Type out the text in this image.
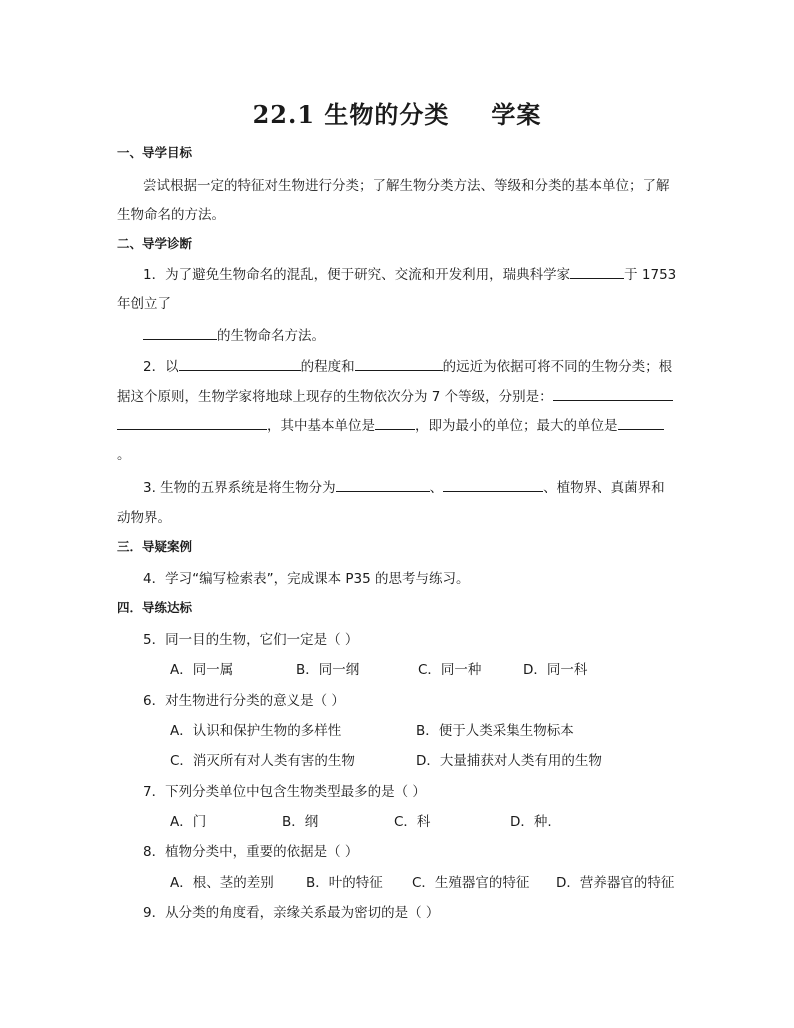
22.1 生物的分类 学案
一、导学目标
尝试根据一定的特征对生物进行分类；了解生物分类方法、等级和分类的基本单位；了解
生物命名的方法。
二、导学诊断
1．为了避免生物命名的混乱，便于研究、交流和开发利用，瑞典科学家	于 1753
年创立了
的生物命名方法。
2．以	的程度和	的远近为依据可将不同的生物分类；根
据这个原则，生物学家将地球上现存的生物依次分为 7 个等级，分别是：
，其中基本单位是	，即为最小的单位；最大的单位是
。
3. 生物的五界系统是将生物分为	、	、植物界、真菌界和
动物界。
三．导疑案例
4．学习“编写检索表”，完成课本 P35 的思考与练习。
四．导练达标
5．同一目的生物，它们一定是（ ）
A．同一属	B．同一纲	C．同一种	D．同一科
6．对生物进行分类的意义是（ ）
A．认识和保护生物的多样性	B．便于人类采集生物标本
C．消灭所有对人类有害的生物	D．大量捕获对人类有用的生物
7．下列分类单位中包含生物类型最多的是（ ）
A．门	B．纲	C．科	D．种.
8．植物分类中，重要的依据是（ ）
A．根、茎的差别 B．叶的特征 C．生殖器官的特征 D．营养器官的特征
9．从分类的角度看，亲缘关系最为密切的是（ ）
